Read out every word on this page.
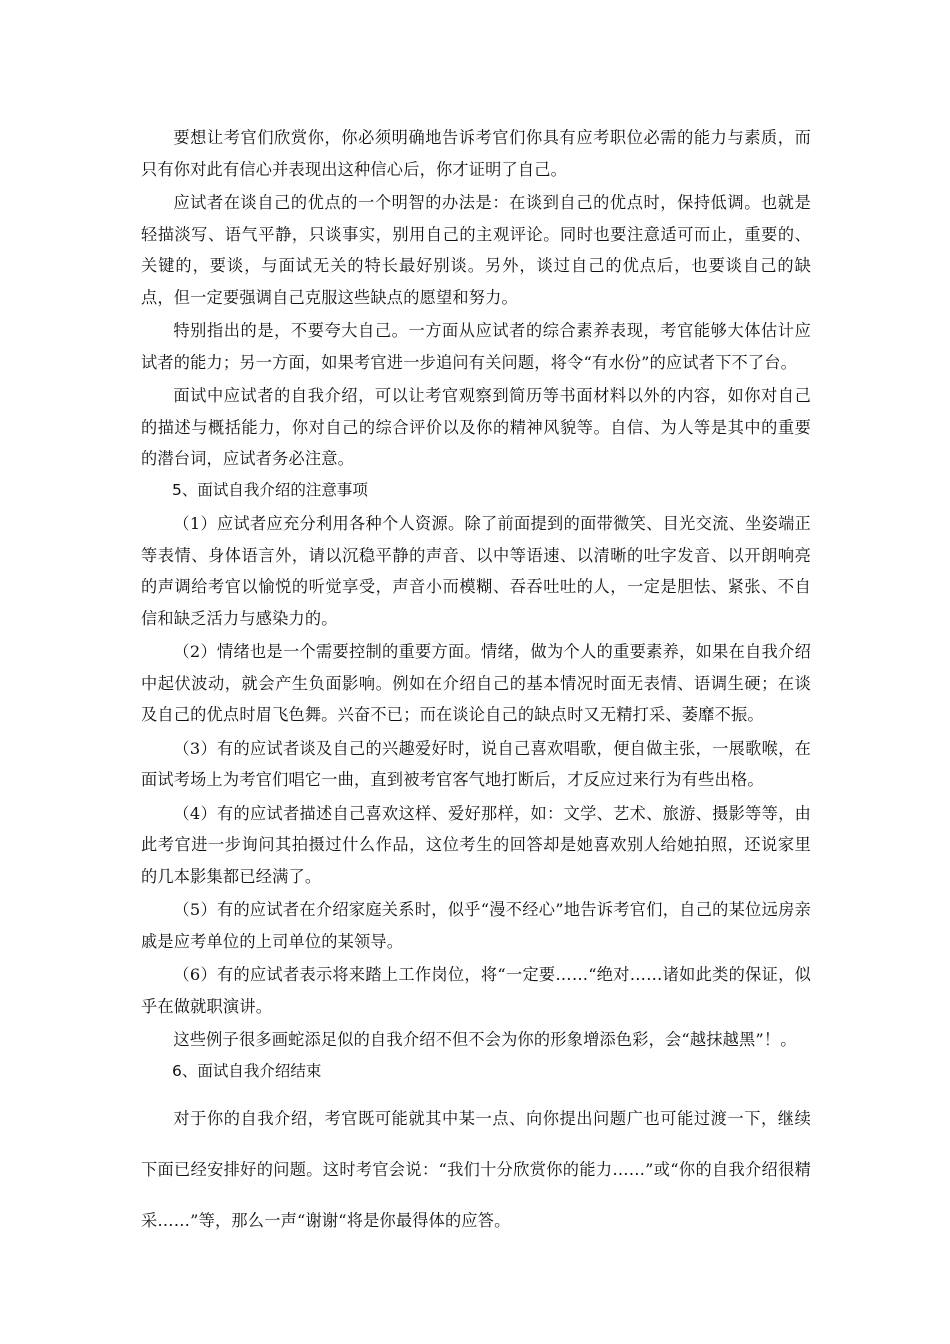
要想让考官们欣赏你，你必须明确地告诉考官们你具有应考职位必需的能力与素质，而只有你对此有信心并表现出这种信心后，你才证明了自己。

应试者在谈自己的优点的一个明智的办法是：在谈到自己的优点时，保持低调。也就是轻描淡写、语气平静，只谈事实，别用自己的主观评论。同时也要注意适可而止，重要的、关键的，要谈，与面试无关的特长最好别谈。另外，谈过自己的优点后，也要谈自己的缺点，但一定要强调自己克服这些缺点的愿望和努力。

特别指出的是，不要夸大自己。一方面从应试者的综合素养表现，考官能够大体估计应试者的能力；另一方面，如果考官进一步追问有关问题，将令“有水份”的应试者下不了台。

面试中应试者的自我介绍，可以让考官观察到简历等书面材料以外的内容，如你对自己的描述与概括能力，你对自己的综合评价以及你的精神风貌等。自信、为人等是其中的重要的潜台词，应试者务必注意。

5、面试自我介绍的注意事项

（1）应试者应充分利用各种个人资源。除了前面提到的面带微笑、目光交流、坐姿端正等表情、身体语言外，请以沉稳平静的声音、以中等语速、以清晰的吐字发音、以开朗响亮的声调给考官以愉悦的听觉享受，声音小而模糊、吞吞吐吐的人，一定是胆怯、紧张、不自信和缺乏活力与感染力的。

（2）情绪也是一个需要控制的重要方面。情绪，做为个人的重要素养，如果在自我介绍中起伏波动，就会产生负面影响。例如在介绍自己的基本情况时面无表情、语调生硬；在谈及自己的优点时眉飞色舞。兴奋不已；而在谈论自己的缺点时又无精打采、萎靡不振。

（3）有的应试者谈及自己的兴趣爱好时，说自己喜欢唱歌，便自做主张，一展歌喉，在面试考场上为考官们唱它一曲，直到被考官客气地打断后，才反应过来行为有些出格。

（4）有的应试者描述自己喜欢这样、爱好那样，如：文学、艺术、旅游、摄影等等，由此考官进一步询问其拍摄过什么作品，这位考生的回答却是她喜欢别人给她拍照，还说家里的几本影集都已经满了。

（5）有的应试者在介绍家庭关系时，似乎“漫不经心”地告诉考官们，自己的某位远房亲戚是应考单位的上司单位的某领导。

（6）有的应试者表示将来踏上工作岗位，将“一定要……“绝对……诸如此类的保证，似乎在做就职演讲。

这些例子很多画蛇添足似的自我介绍不但不会为你的形象增添色彩，会“越抹越黑”！。

6、面试自我介绍结束

对于你的自我介绍，考官既可能就其中某一点、向你提出问题广也可能过渡一下，继续下面已经安排好的问题。这时考官会说：“我们十分欣赏你的能力……”或“你的自我介绍很精采……”等，那么一声“谢谢“将是你最得体的应答。
